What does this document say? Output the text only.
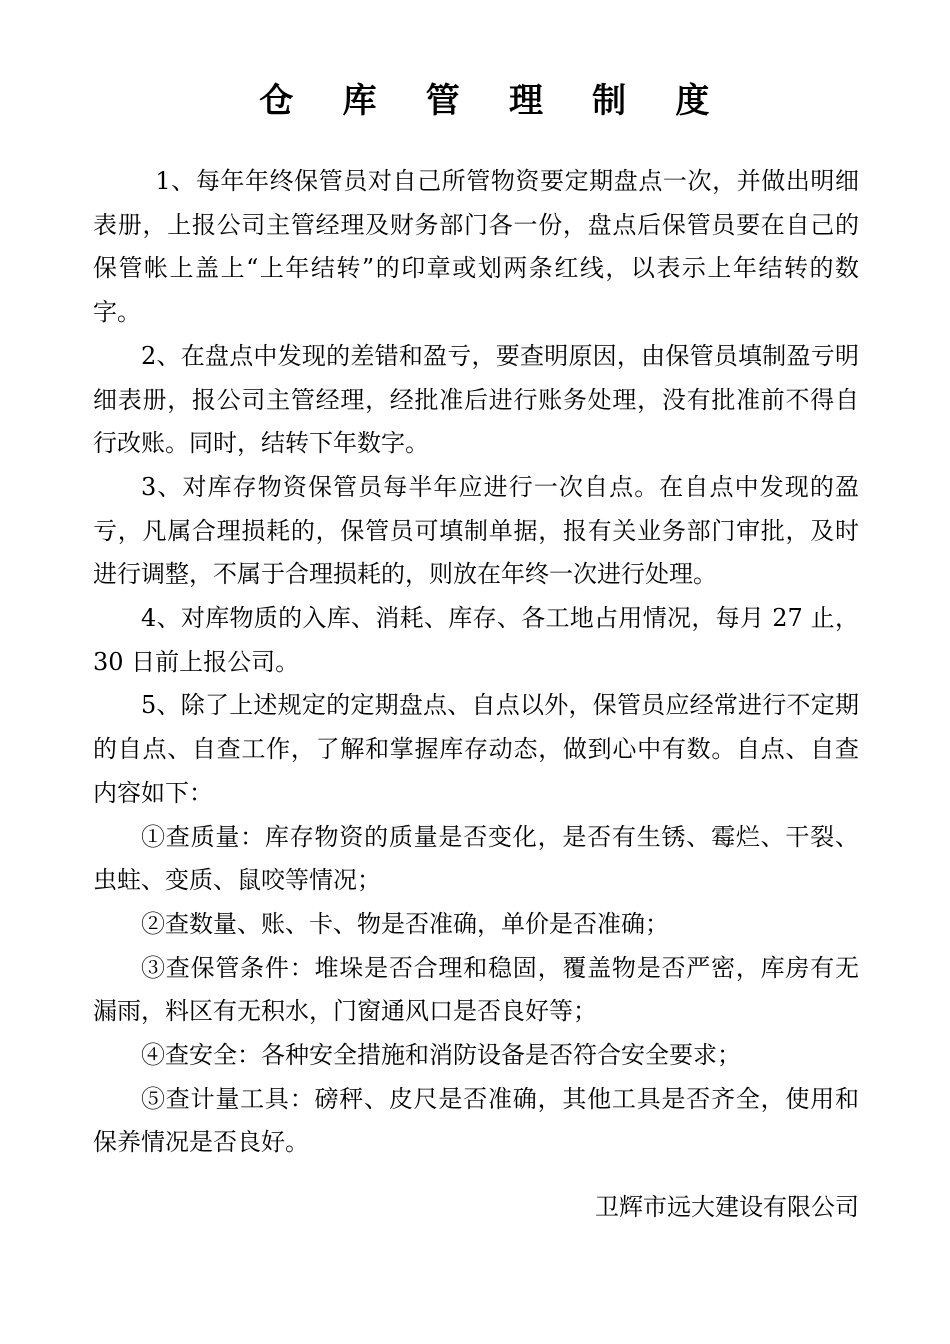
仓 库 管 理 制 度

1、每年年终保管员对自己所管物资要定期盘点一次，并做出明细表册，上报公司主管经理及财务部门各一份，盘点后保管员要在自己的保管帐上盖上“上年结转”的印章或划两条红线，以表示上年结转的数字。

2、在盘点中发现的差错和盈亏，要查明原因，由保管员填制盈亏明细表册，报公司主管经理，经批准后进行账务处理，没有批准前不得自行改账。同时，结转下年数字。

3、对库存物资保管员每半年应进行一次自点。在自点中发现的盈亏，凡属合理损耗的，保管员可填制单据，报有关业务部门审批，及时进行调整，不属于合理损耗的，则放在年终一次进行处理。

4、对库物质的入库、消耗、库存、各工地占用情况，每月 27 止，30 日前上报公司。

5、除了上述规定的定期盘点、自点以外，保管员应经常进行不定期的自点、自查工作，了解和掌握库存动态，做到心中有数。自点、自查内容如下：

①查质量：库存物资的质量是否变化，是否有生锈、霉烂、干裂、虫蛀、变质、鼠咬等情况；

②查数量、账、卡、物是否准确，单价是否准确；

③查保管条件：堆垛是否合理和稳固，覆盖物是否严密，库房有无漏雨，料区有无积水，门窗通风口是否良好等；

④查安全：各种安全措施和消防设备是否符合安全要求；

⑤查计量工具：磅秤、皮尺是否准确，其他工具是否齐全，使用和保养情况是否良好。

卫辉市远大建设有限公司
